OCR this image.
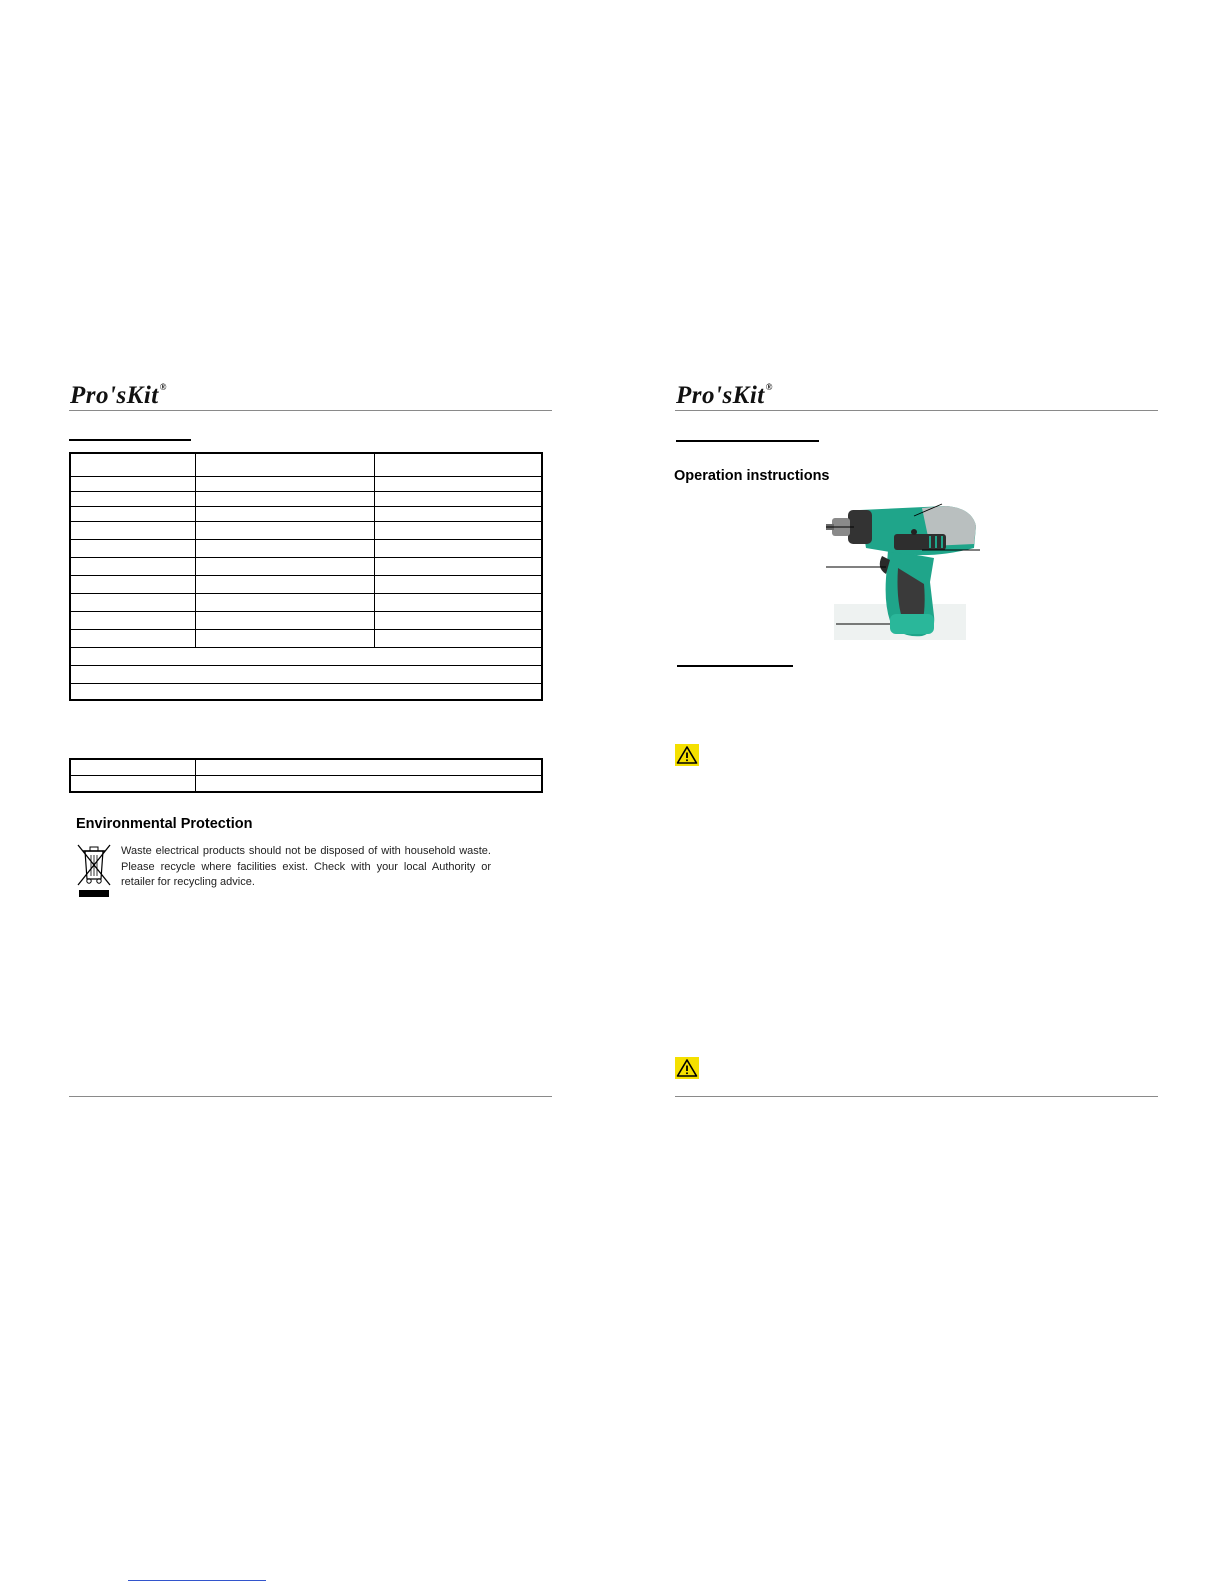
Pro'sKit®

Environmental Protection
Waste electrical products should not be disposed of with household waste. Please recycle where facilities exist. Check with your local Authority or retailer for recycling advice.
Pro'sKit®
Operation instructions
